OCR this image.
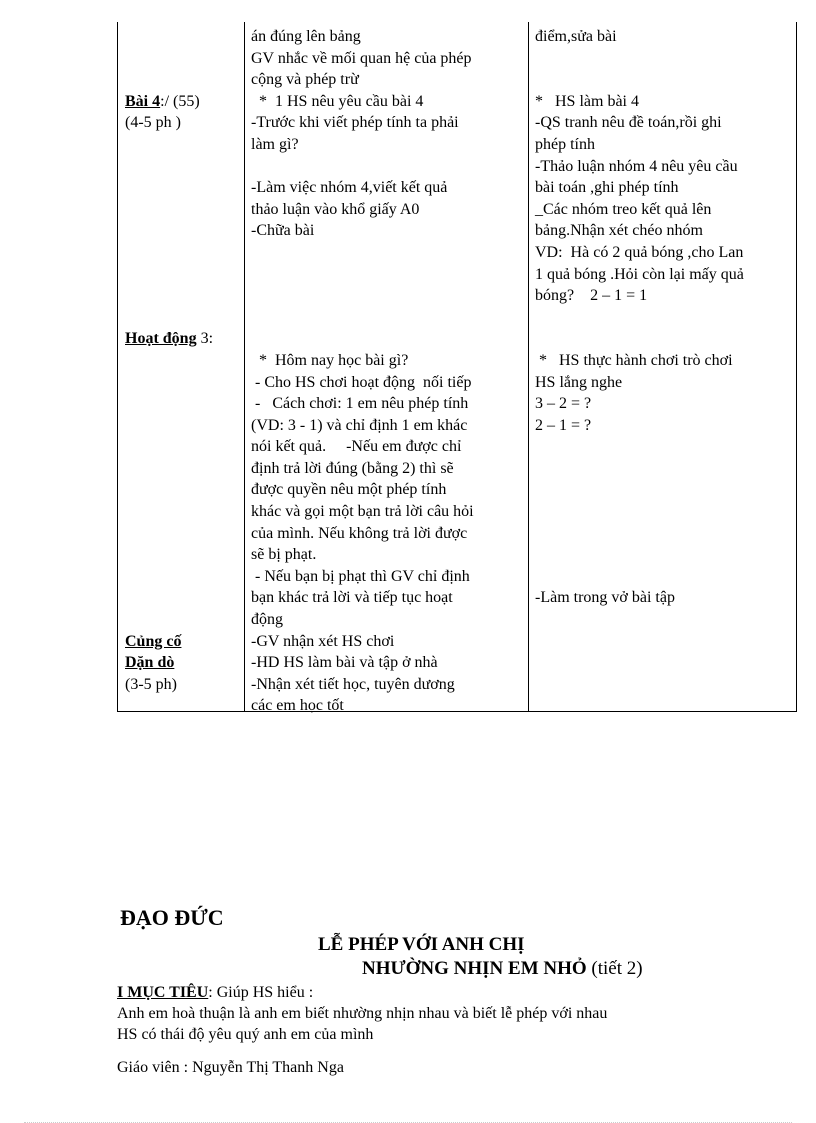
Bài 4:/ (55)
(4-5 ph )
Hoạt động 3:
Củng cố
Dặn dò
(3-5 ph)
án đúng lên bảng
GV nhắc về mối quan hệ của phép
cộng và phép trừ
*  1 HS nêu yêu cầu bài 4
-Trước khi viết phép tính ta phải
làm gì?
-Làm việc nhóm 4,viết kết quả
thảo luận vào khổ giấy A0
-Chữa bài
*  Hôm nay học bài gì?
- Cho HS chơi hoạt động  nối tiếp
-   Cách chơi: 1 em nêu phép tính
(VD: 3 - 1) và chỉ định 1 em khác
nói kết quả.     -Nếu em được chỉ
định trả lời đúng (bằng 2) thì sẽ
được quyền nêu một phép tính
khác và gọi một bạn trả lời câu hỏi
của mình. Nếu không trả lời được
sẽ bị phạt.
- Nếu bạn bị phạt thì GV chỉ định
bạn khác trả lời và tiếp tục hoạt
động
-GV nhận xét HS chơi
-HD HS làm bài và tập ở nhà
-Nhận xét tiết học, tuyên dương
các em học tốt
điểm,sửa bài
*   HS làm bài 4
-QS tranh nêu đề toán,rồi ghi
phép tính
-Thảo luận nhóm 4 nêu yêu cầu
bài toán ,ghi phép tính
_Các nhóm treo kết quả lên
bảng.Nhận xét chéo nhóm
VD:  Hà có 2 quả bóng ,cho Lan
1 quả bóng .Hỏi còn lại mấy quả
bóng?    2 – 1 = 1
*   HS thực hành chơi trò chơi
HS lắng nghe
3 – 2 = ?
2 – 1 = ?
-Làm trong vở bài tập
ĐẠO ĐỨC
LỄ PHÉP VỚI ANH CHỊ
NHƯỜNG NHỊN EM NHỎ (tiết 2)
I MỤC TIÊU: Giúp HS hiểu :
Anh em hoà thuận là anh em biết nhường nhịn nhau và biết lễ phép với nhau
HS có thái độ yêu quý anh em của mình
Giáo viên : Nguyễn Thị Thanh Nga
